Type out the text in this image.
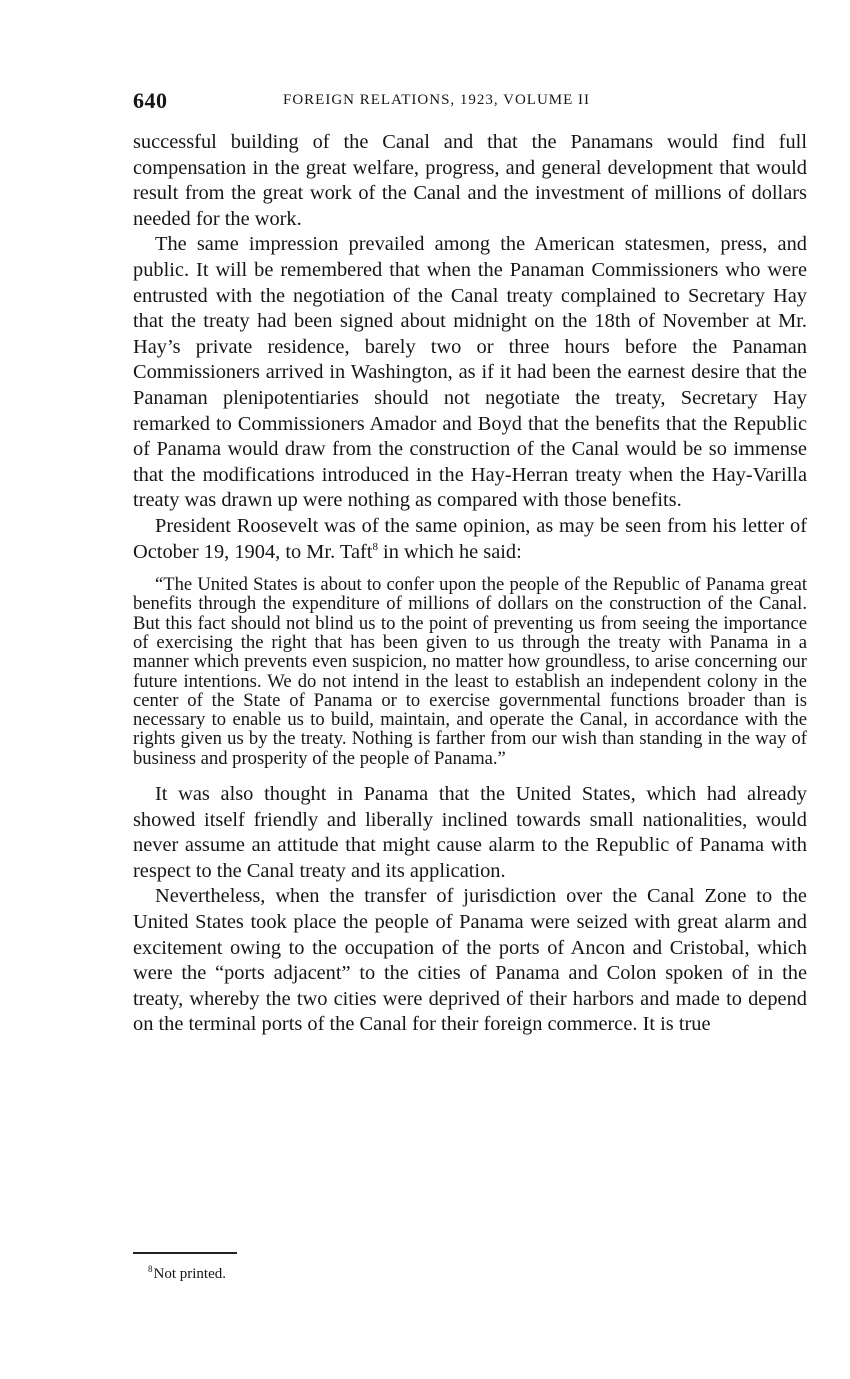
640	FOREIGN RELATIONS, 1923, VOLUME II

successful building of the Canal and that the Panamans would find full compensation in the great welfare, progress, and general development that would result from the great work of the Canal and the investment of millions of dollars needed for the work.

The same impression prevailed among the American statesmen, press, and public. It will be remembered that when the Panaman Commissioners who were entrusted with the negotiation of the Canal treaty complained to Secretary Hay that the treaty had been signed about midnight on the 18th of November at Mr. Hay’s private residence, barely two or three hours before the Panaman Commissioners arrived in Washington, as if it had been the earnest desire that the Panaman plenipotentiaries should not negotiate the treaty, Secretary Hay remarked to Commissioners Amador and Boyd that the benefits that the Republic of Panama would draw from the construction of the Canal would be so immense that the modifications introduced in the Hay-Herran treaty when the Hay-Varilla treaty was drawn up were nothing as compared with those benefits.

President Roosevelt was of the same opinion, as may be seen from his letter of October 19, 1904, to Mr. Taft$^8$ in which he said:

“The United States is about to confer upon the people of the Republic of Panama great benefits through the expenditure of millions of dollars on the construction of the Canal. But this fact should not blind us to the point of preventing us from seeing the importance of exercising the right that has been given to us through the treaty with Panama in a manner which prevents even suspicion, no matter how groundless, to arise concerning our future intentions. We do not intend in the least to establish an independent colony in the center of the State of Panama or to exercise governmental functions broader than is necessary to enable us to build, maintain, and operate the Canal, in accordance with the rights given us by the treaty. Nothing is farther from our wish than standing in the way of business and prosperity of the people of Panama.”

It was also thought in Panama that the United States, which had already showed itself friendly and liberally inclined towards small nationalities, would never assume an attitude that might cause alarm to the Republic of Panama with respect to the Canal treaty and its application.

Nevertheless, when the transfer of jurisdiction over the Canal Zone to the United States took place the people of Panama were seized with great alarm and excitement owing to the occupation of the ports of Ancon and Cristobal, which were the “ports adjacent” to the cities of Panama and Colon spoken of in the treaty, whereby the two cities were deprived of their harbors and made to depend on the terminal ports of the Canal for their foreign commerce. It is true

$^8$Not printed.
